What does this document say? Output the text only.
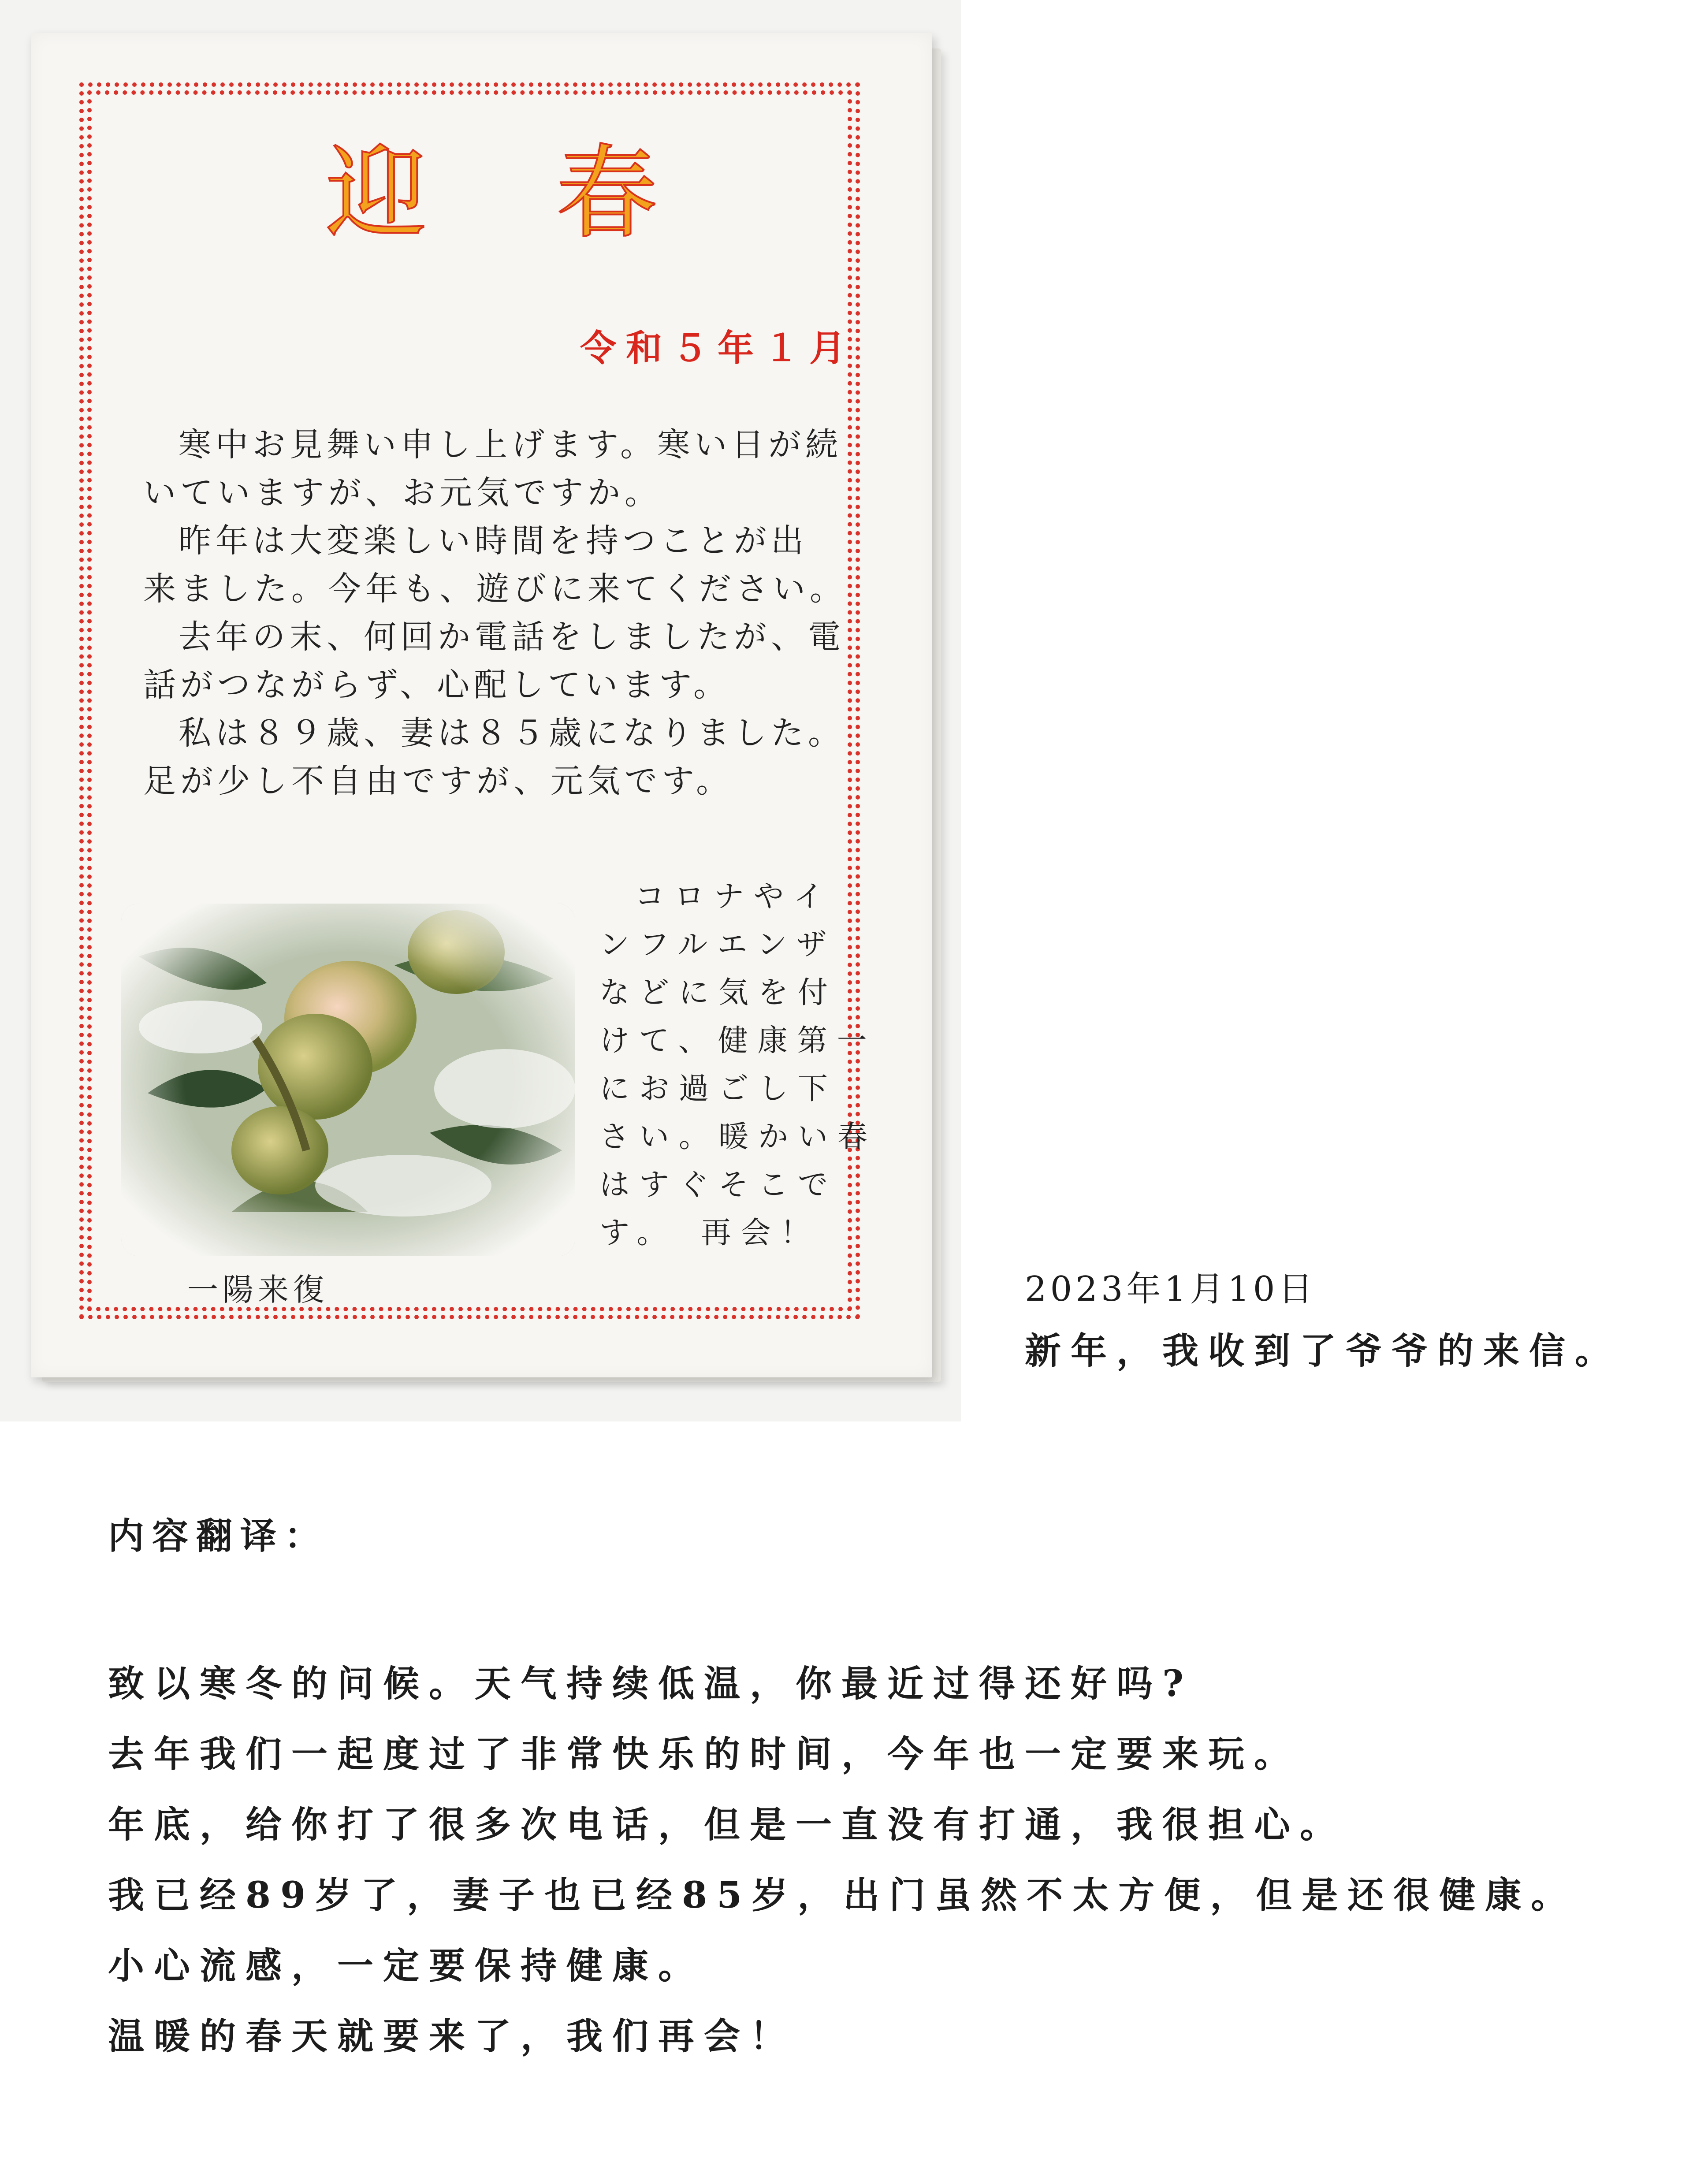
迎 春
令和５年１月
寒中お見舞い申し上げます。寒い日が続
いていますが、お元気ですか。
昨年は大変楽しい時間を持つことが出
来ました。今年も、遊びに来てください。
去年の末、何回か電話をしましたが、電
話がつながらず、心配しています。
私は８９歳、妻は８５歳になりました。
足が少し不自由ですが、元気です。
コロナやイ
ンフルエンザ
などに気を付
けて、健康第一
にお過ごし下
さい。暖かい春
はすぐそこで
す。　再会！
一陽来復	2023年1月10日
新年，我收到了爷爷的来信。
内容翻译：
致以寒冬的问候。天气持续低温，你最近过得还好吗?
去年我们一起度过了非常快乐的时间，今年也一定要来玩。
年底，给你打了很多次电话，但是一直没有打通，我很担心。
我已经89岁了，妻子也已经85岁，出门虽然不太方便，但是还很健康。
小心流感，一定要保持健康。
温暖的春天就要来了，我们再会！
